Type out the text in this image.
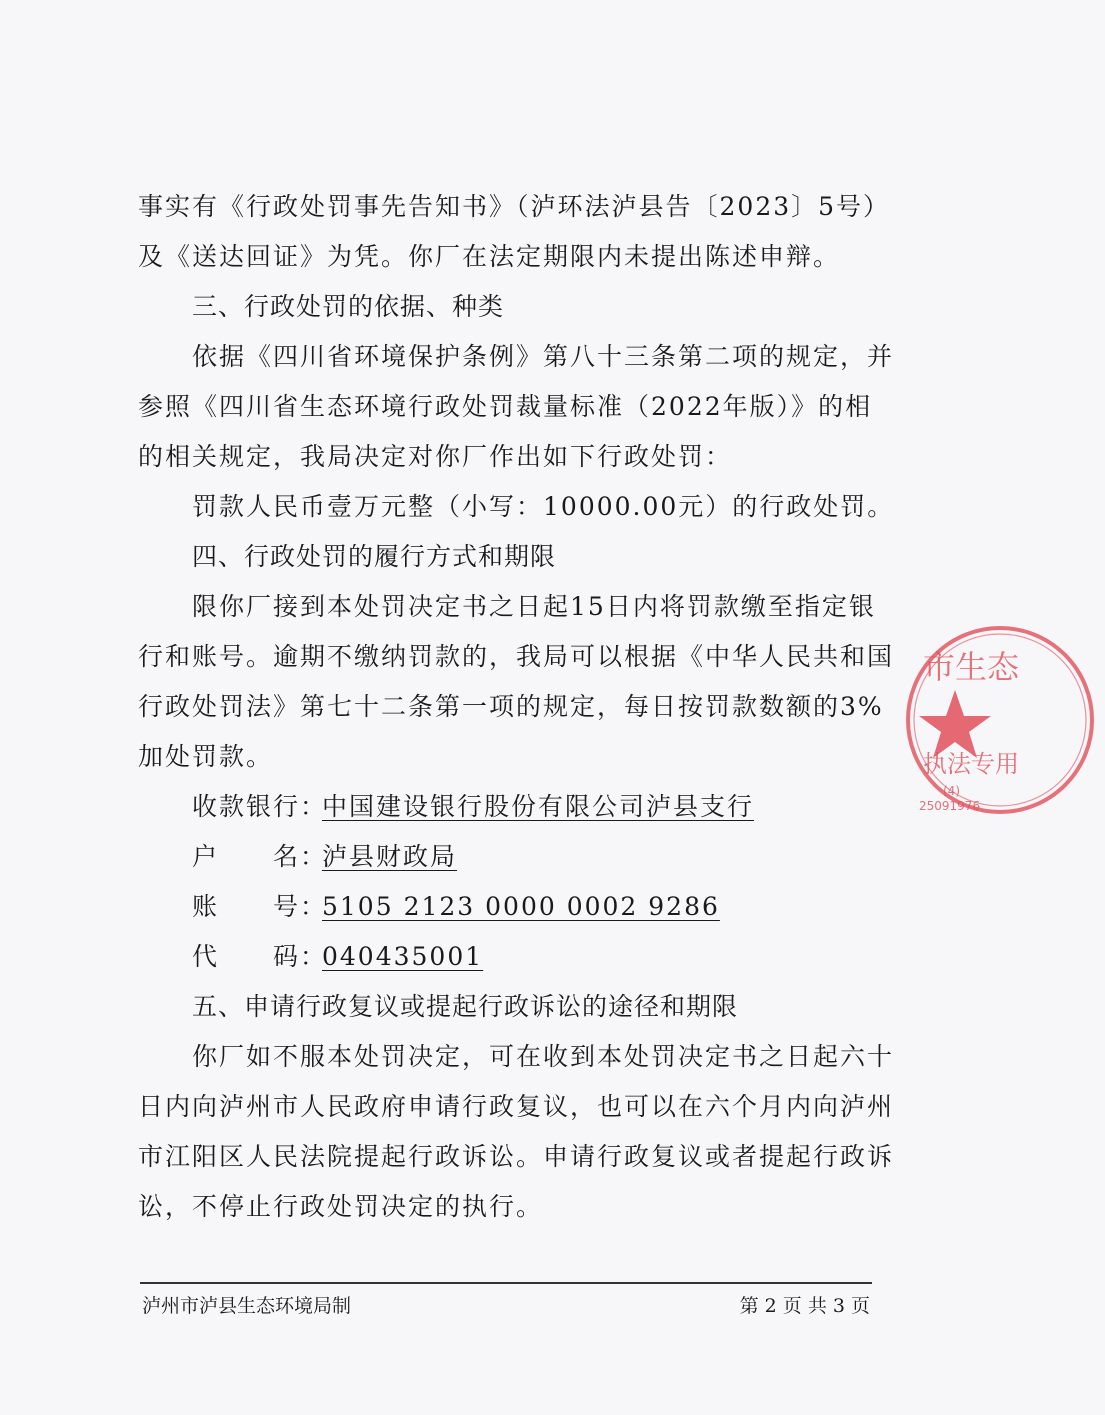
事实有《行政处罚事先告知书》（泸环法泸县告〔2023〕5号）
及《送达回证》为凭。你厂在法定期限内未提出陈述申辩。
三、行政处罚的依据、种类
依据《四川省环境保护条例》第八十三条第二项的规定，并
参照《四川省生态环境行政处罚裁量标准（2022年版）》的相
的相关规定，我局决定对你厂作出如下行政处罚：
罚款人民币壹万元整（小写：10000.00元）的行政处罚。
四、行政处罚的履行方式和期限
限你厂接到本处罚决定书之日起15日内将罚款缴至指定银
行和账号。逾期不缴纳罚款的，我局可以根据《中华人民共和国
行政处罚法》第七十二条第一项的规定，每日按罚款数额的3%
加处罚款。
收款银行：中国建设银行股份有限公司泸县支行
户　　名：泸县财政局
账　　号：5105 2123 0000 0002 9286
代　　码：040435001
五、申请行政复议或提起行政诉讼的途径和期限
你厂如不服本处罚决定，可在收到本处罚决定书之日起六十
日内向泸州市人民政府申请行政复议，也可以在六个月内向泸州
市江阳区人民法院提起行政诉讼。申请行政复议或者提起行政诉
讼，不停止行政处罚决定的执行。
泸州市泸县生态环境局制	第 2 页 共 3 页
市生态
执法专用
(4)
25091976
